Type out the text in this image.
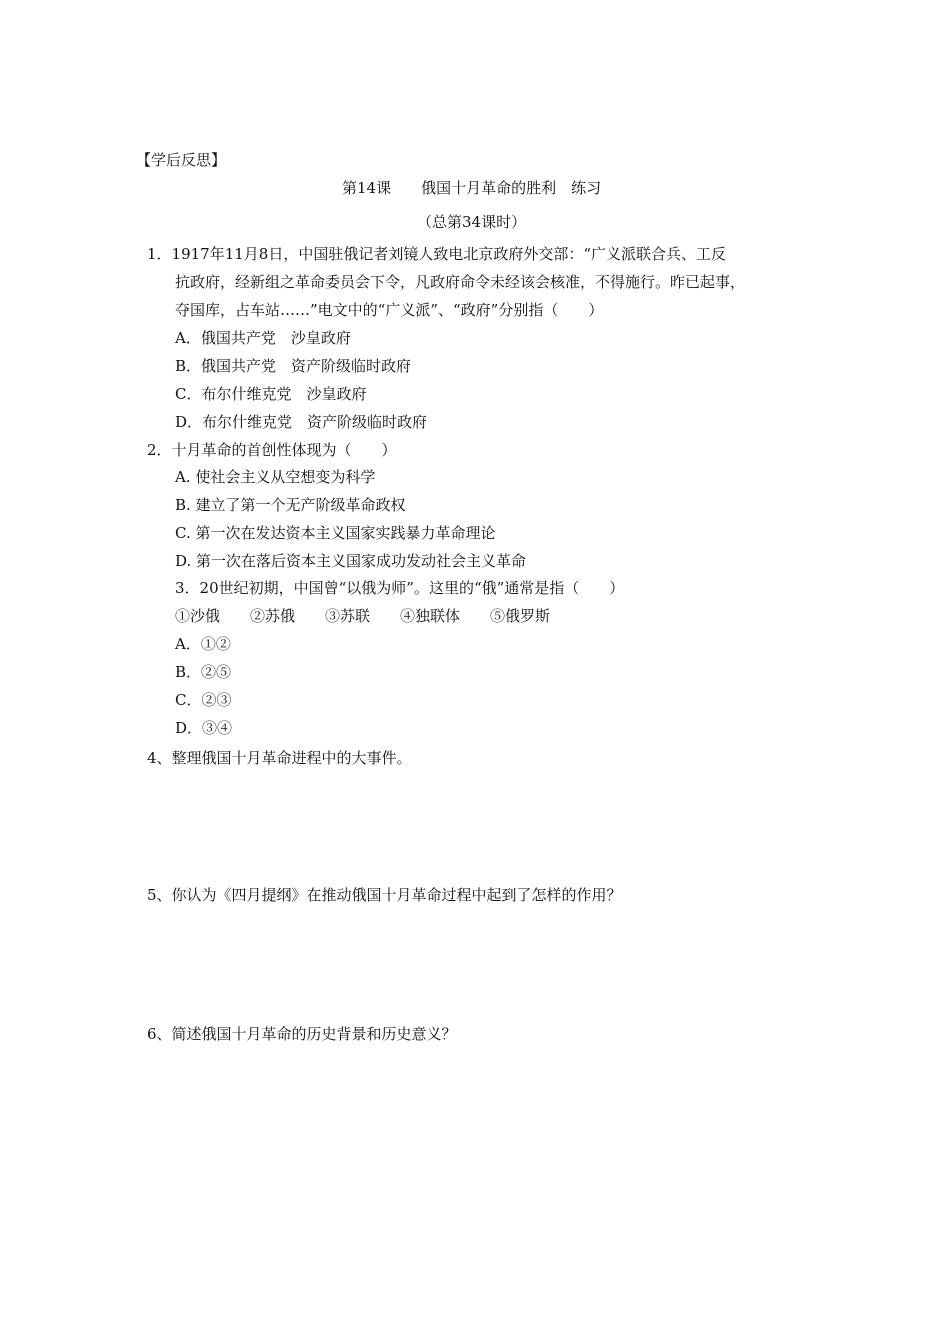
【学后反思】
第14课　　俄国十月革命的胜利　练习
（总第34课时）
1．1917年11月8日，中国驻俄记者刘镜人致电北京政府外交部：“广义派联合兵、工反
抗政府，经新组之革命委员会下令，凡政府命令未经该会核准，不得施行。昨已起事，
夺国库，占车站……”电文中的“广义派”、“政府”分别指（　　）
A．俄国共产党　沙皇政府
B．俄国共产党　资产阶级临时政府
C．布尔什维克党　沙皇政府
D．布尔什维克党　资产阶级临时政府
2．十月革命的首创性体现为（　　）
A. 使社会主义从空想变为科学
B. 建立了第一个无产阶级革命政权
C. 第一次在发达资本主义国家实践暴力革命理论
D. 第一次在落后资本主义国家成功发动社会主义革命
3．20世纪初期，中国曾“以俄为师”。这里的“俄”通常是指（　　）
①沙俄　　②苏俄　　③苏联　　④独联体　　⑤俄罗斯
A．①②
B．②⑤
C．②③
D．③④
4、整理俄国十月革命进程中的大事件。
5、你认为《四月提纲》在推动俄国十月革命过程中起到了怎样的作用？
6、简述俄国十月革命的历史背景和历史意义？
